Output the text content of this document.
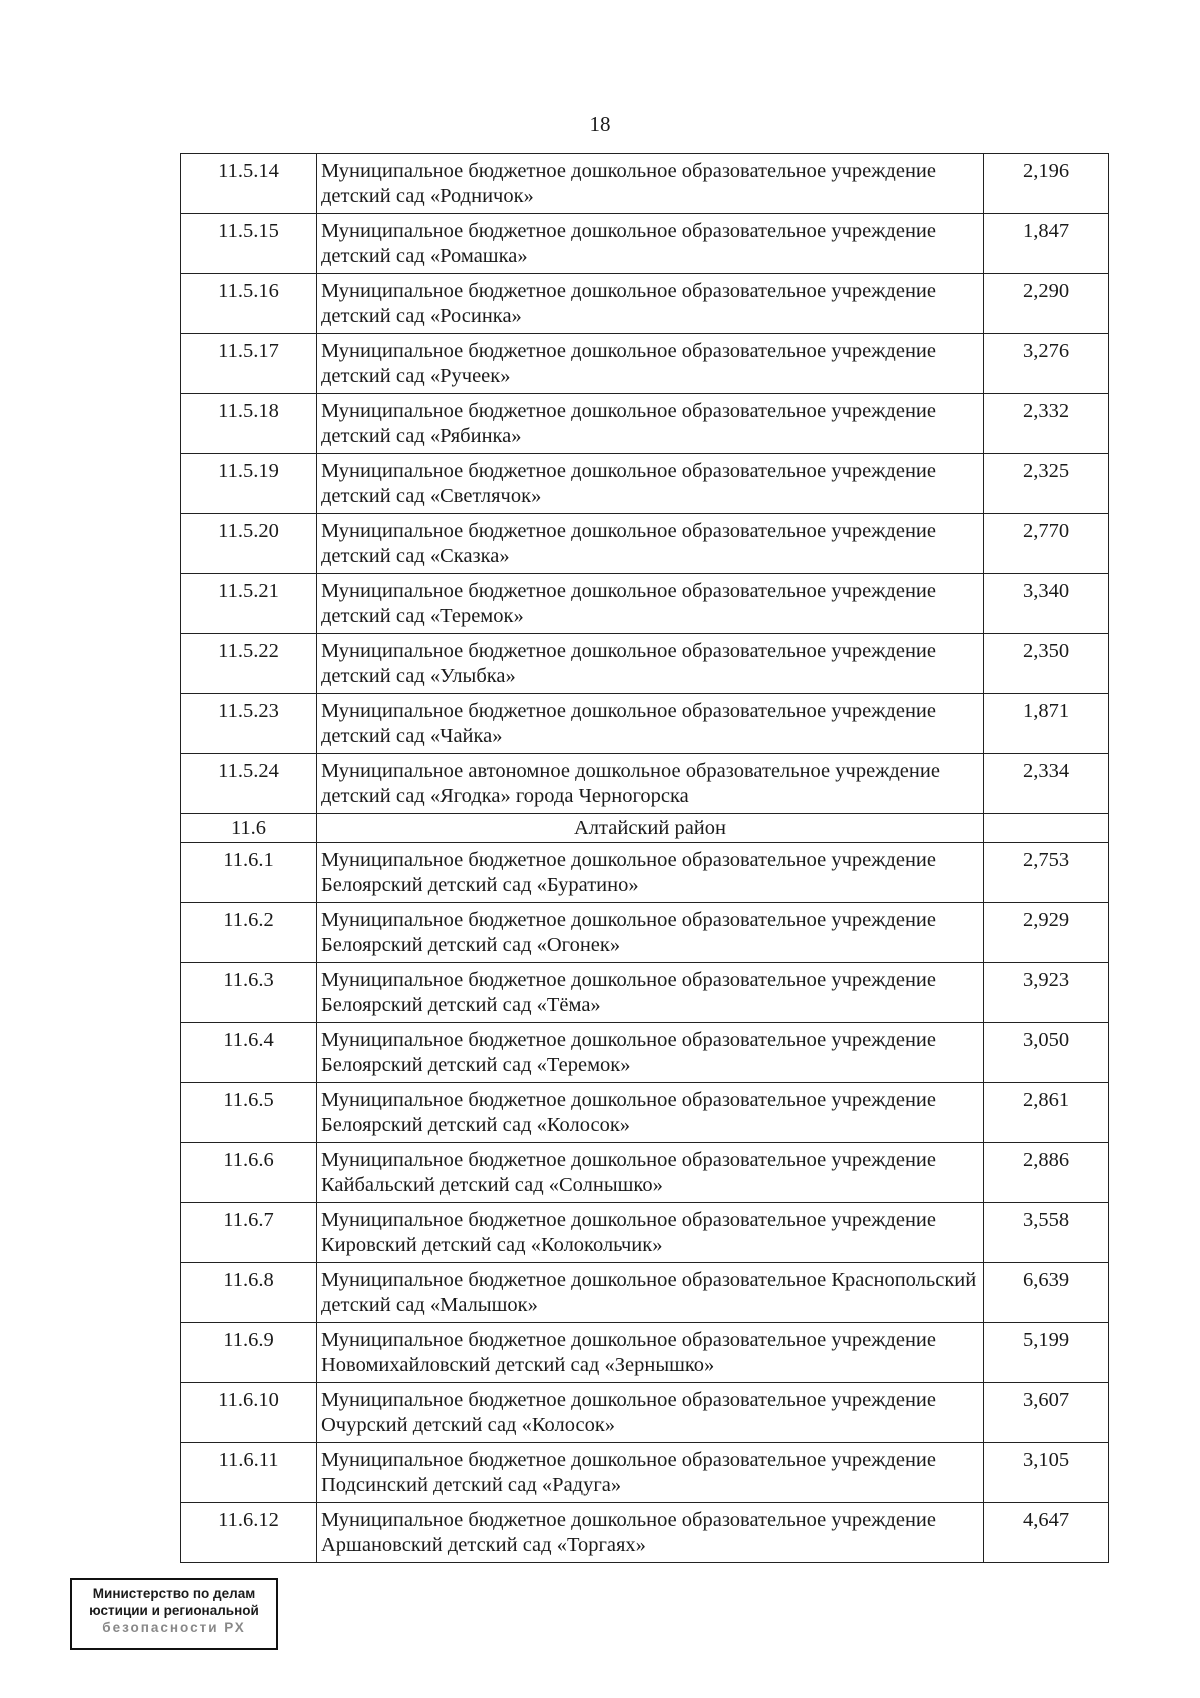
18
11.5.14	Муниципальное бюджетное дошкольное образовательное учреждение детский сад «Родничок»	2,196
11.5.15	Муниципальное бюджетное дошкольное образовательное учреждение детский сад «Ромашка»	1,847
11.5.16	Муниципальное бюджетное дошкольное образовательное учреждение детский сад «Росинка»	2,290
11.5.17	Муниципальное бюджетное дошкольное образовательное учреждение детский сад «Ручеек»	3,276
11.5.18	Муниципальное бюджетное дошкольное образовательное учреждение детский сад «Рябинка»	2,332
11.5.19	Муниципальное бюджетное дошкольное образовательное учреждение детский сад «Светлячок»	2,325
11.5.20	Муниципальное бюджетное дошкольное образовательное учреждение детский сад «Сказка»	2,770
11.5.21	Муниципальное бюджетное дошкольное образовательное учреждение детский сад «Теремок»	3,340
11.5.22	Муниципальное бюджетное дошкольное образовательное учреждение детский сад «Улыбка»	2,350
11.5.23	Муниципальное бюджетное дошкольное образовательное учреждение детский сад «Чайка»	1,871
11.5.24	Муниципальное автономное дошкольное образовательное учреждение детский сад «Ягодка» города Черногорска	2,334
11.6	Алтайский район	
11.6.1	Муниципальное бюджетное дошкольное образовательное учреждение Белоярский детский сад «Буратино»	2,753
11.6.2	Муниципальное бюджетное дошкольное образовательное учреждение Белоярский детский сад «Огонек»	2,929
11.6.3	Муниципальное бюджетное дошкольное образовательное учреждение Белоярский детский сад «Тёма»	3,923
11.6.4	Муниципальное бюджетное дошкольное образовательное учреждение Белоярский детский сад «Теремок»	3,050
11.6.5	Муниципальное бюджетное дошкольное образовательное учреждение Белоярский детский сад «Колосок»	2,861
11.6.6	Муниципальное бюджетное дошкольное образовательное учреждение Кайбальский детский сад «Солнышко»	2,886
11.6.7	Муниципальное бюджетное дошкольное образовательное учреждение Кировский детский сад «Колокольчик»	3,558
11.6.8	Муниципальное бюджетное дошкольное образовательное Краснопольский детский сад «Малышок»	6,639
11.6.9	Муниципальное бюджетное дошкольное образовательное учреждение Новомихайловский детский сад «Зернышко»	5,199
11.6.10	Муниципальное бюджетное дошкольное образовательное учреждение Очурский детский сад «Колосок»	3,607
11.6.11	Муниципальное бюджетное дошкольное образовательное учреждение Подсинский детский сад «Радуга»	3,105
11.6.12	Муниципальное бюджетное дошкольное образовательное учреждение Аршановский детский сад «Торгаях»	4,647
Министерство по делам
юстиции и региональной
безопасности РХ
